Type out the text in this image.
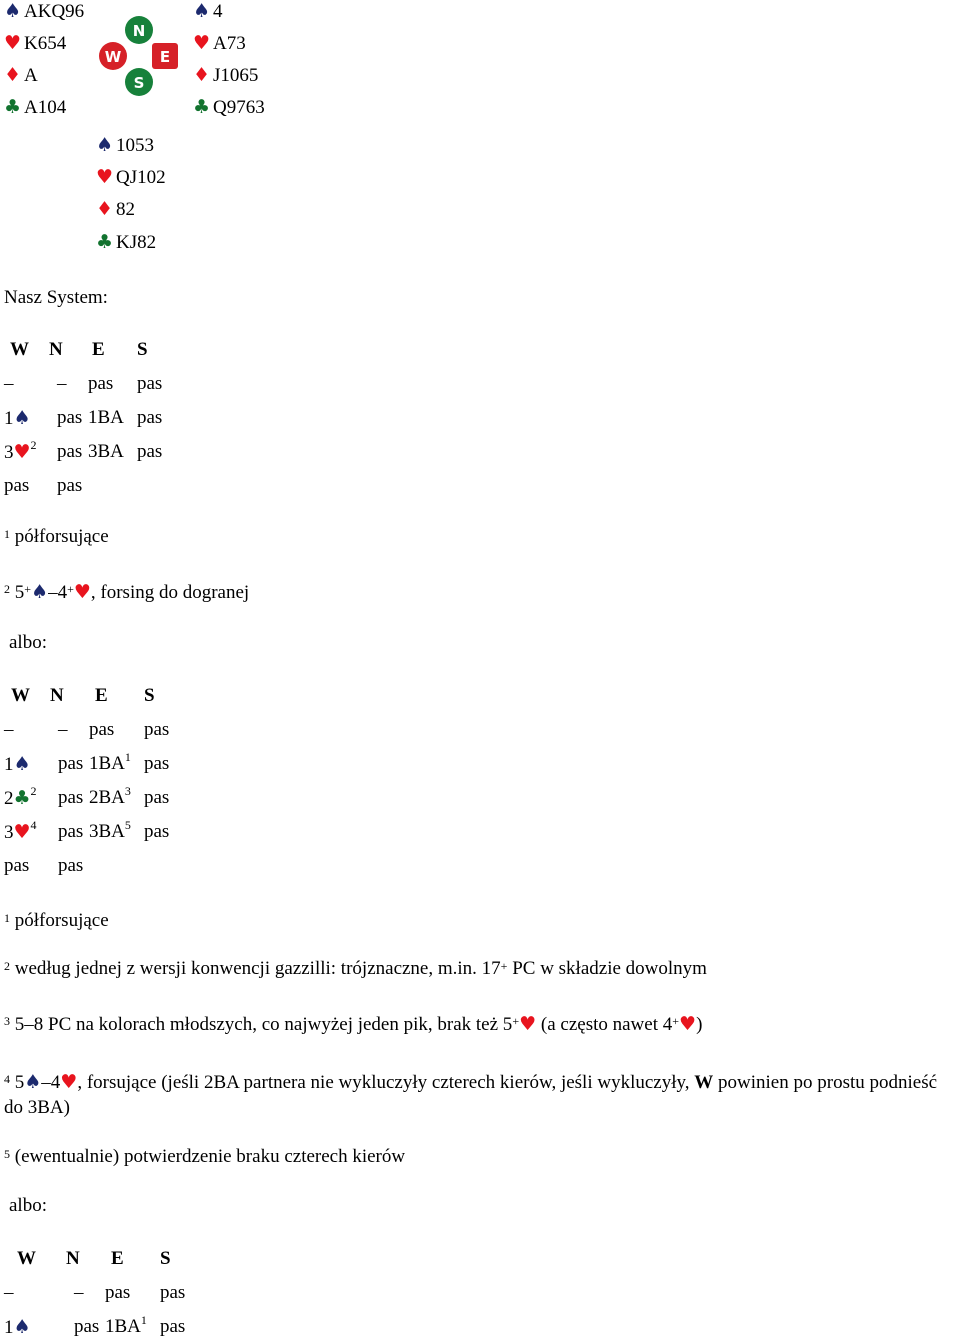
♠ AKQ96
♥ K654
♦ A
♣ A104
N
S
W	E
♠ 4
♥ A73
♦ J1065
♣ Q9763
♠ 1053
♥ QJ102
♦ 82
♣ KJ82
Nasz System:
W	N	E	S
–	–	pas	pas
1♠	pas	1BA	pas
3♥$^2$	pas	3BA	pas
pas	pas		
$^1$ półforsujące
$^2$ 5+♠–4+♥, forsing do dogranej
albo:
W	N	E	S
–	–	pas	pas
1♠	pas	$1BA^1$	pas
2♣$^2$	pas	$2BA^3$	pas
3♥$^4$	pas	$3BA^5$	pas
pas	pas		
$^1$ półforsujące
$^2$ według jednej z wersji konwencji gazzilli: trójznaczne, m.in. 17+ PC w składzie dowolnym
$^3$ 5–8 PC na kolorach młodszych, co najwyżej jeden pik, brak też 5+♥ (a często nawet 4+♥)
$^4$ 5♠–4♥, forsujące (jeśli 2BA partnera nie wykluczyły czterech kierów, jeśli wykluczyły, W powinien po prostu podnieść do 3BA)
$^5$ (ewentualnie) potwierdzenie braku czterech kierów
albo:
W	N	E	S
–	–	pas	pas
1♠	pas	$1BA^1$	pas
